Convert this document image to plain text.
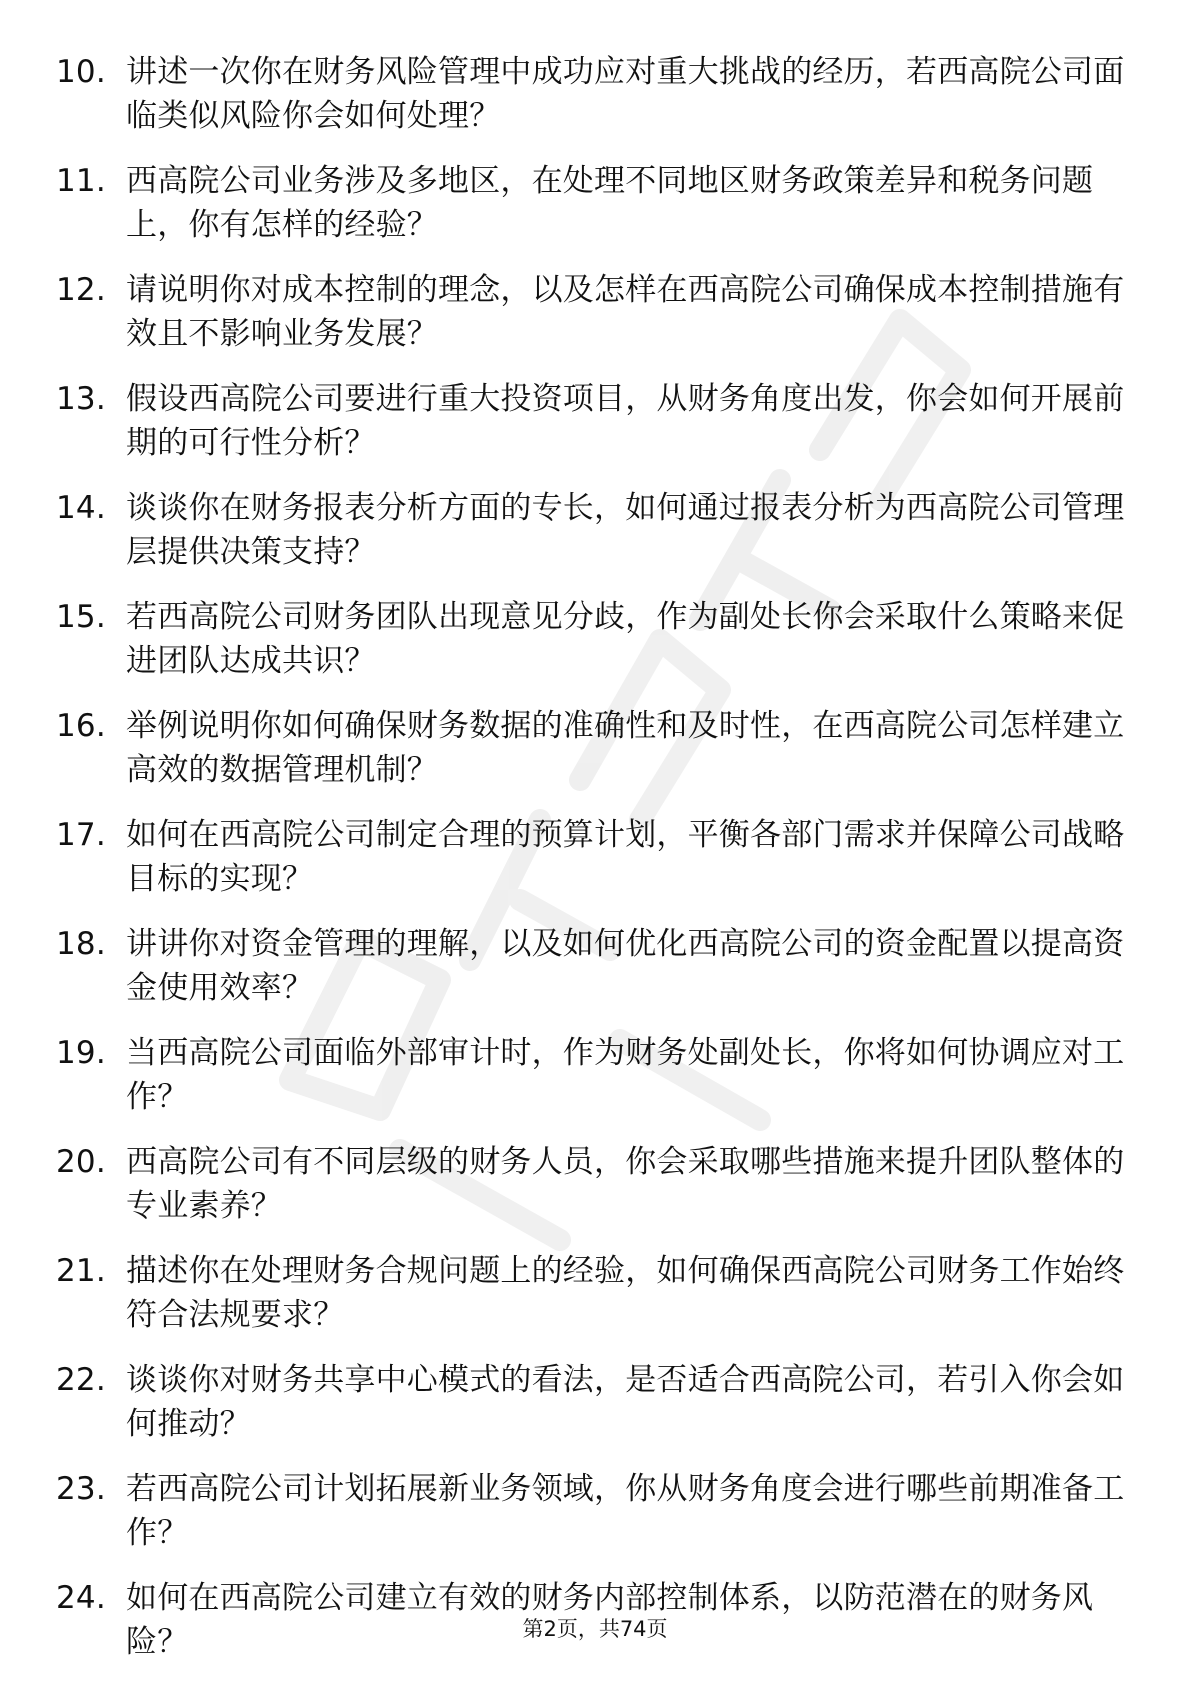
10. 讲述一次你在财务风险管理中成功应对重大挑战的经历，若西高院公司面临类似风险你会如何处理？
11. 西高院公司业务涉及多地区，在处理不同地区财务政策差异和税务问题上，你有怎样的经验？
12. 请说明你对成本控制的理念，以及怎样在西高院公司确保成本控制措施有效且不影响业务发展？
13. 假设西高院公司要进行重大投资项目，从财务角度出发，你会如何开展前期的可行性分析？
14. 谈谈你在财务报表分析方面的专长，如何通过报表分析为西高院公司管理层提供决策支持？
15. 若西高院公司财务团队出现意见分歧，作为副处长你会采取什么策略来促进团队达成共识？
16. 举例说明你如何确保财务数据的准确性和及时性，在西高院公司怎样建立高效的数据管理机制？
17. 如何在西高院公司制定合理的预算计划，平衡各部门需求并保障公司战略目标的实现？
18. 讲讲你对资金管理的理解，以及如何优化西高院公司的资金配置以提高资金使用效率？
19. 当西高院公司面临外部审计时，作为财务处副处长，你将如何协调应对工作？
20. 西高院公司有不同层级的财务人员，你会采取哪些措施来提升团队整体的专业素养？
21. 描述你在处理财务合规问题上的经验，如何确保西高院公司财务工作始终符合法规要求？
22. 谈谈你对财务共享中心模式的看法，是否适合西高院公司，若引入你会如何推动？
23. 若西高院公司计划拓展新业务领域，你从财务角度会进行哪些前期准备工作？
24. 如何在西高院公司建立有效的财务内部控制体系，以防范潜在的财务风险？	第2页，共74页
